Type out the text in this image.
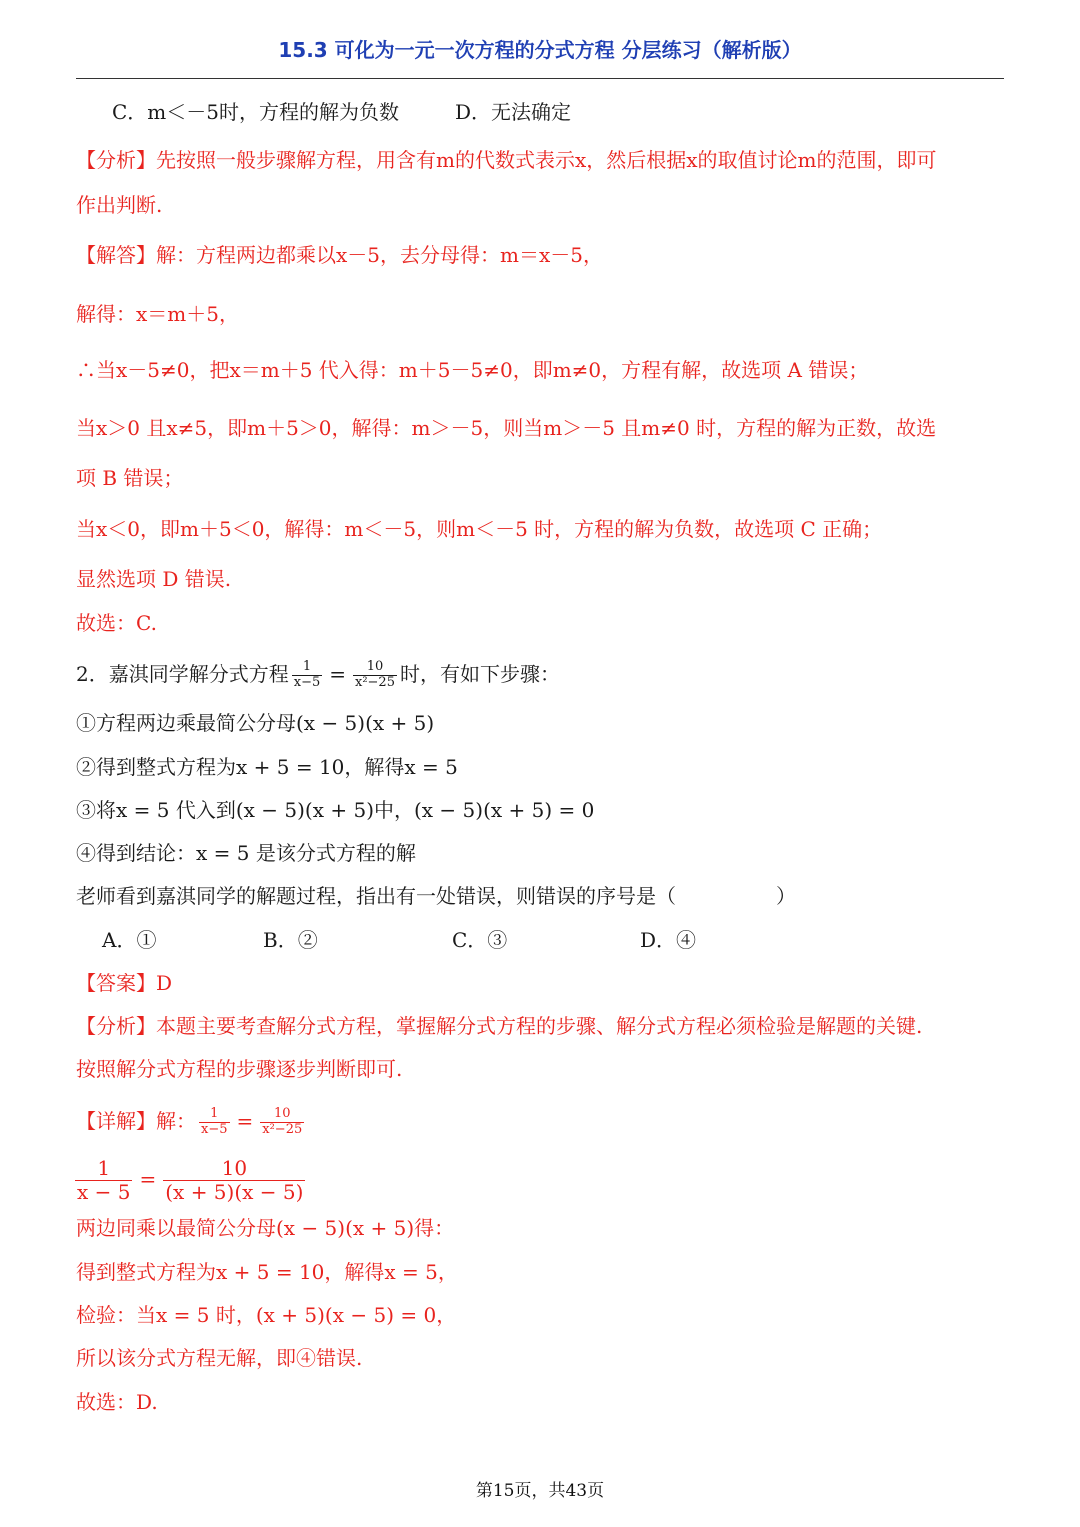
15.3 可化为一元一次方程的分式方程 分层练习（解析版）
C．m＜－5时，方程的解为负数	D．无法确定
【分析】先按照一般步骤解方程，用含有m的代数式表示x，然后根据x的取值讨论m的范围，即可
作出判断.
【解答】解：方程两边都乘以x－5，去分母得：m＝x－5，
解得：x＝m＋5，
∴当x－5≠0，把x＝m＋5 代入得：m＋5－5≠0，即m≠0，方程有解，故选项 A 错误；
当x＞0 且x≠5，即m＋5＞0，解得：m＞－5，则当m＞－5 且m≠0 时，方程的解为正数，故选
项 B 错误；
当x＜0，即m＋5＜0，解得：m＜－5，则m＜－5 时，方程的解为负数，故选项 C 正确；
显然选项 D 错误.
故选：C.
2．嘉淇同学解分式方程 $\frac{1}{x-5} = \frac{10}{\text{x²−25}}$ 时，有如下步骤：
①方程两边乘最简公分母(x − 5)(x + 5)
②得到整式方程为x + 5 = 10，解得x = 5
③将x = 5 代入到(x − 5)(x + 5)中，(x − 5)(x + 5) = 0
④得到结论：x = 5 是该分式方程的解
老师看到嘉淇同学的解题过程，指出有一处错误，则错误的序号是（　　　　　）
A．①	B．②	C．③	D．④
【答案】D
【分析】本题主要考查解分式方程，掌握解分式方程的步骤、解分式方程必须检验是解题的关键.
按照解分式方程的步骤逐步判断即可.
【详解】解： $\frac{1}{x-5} = \frac{10}{\text{x²−25}}$
$\frac{1}{x - 5} = \frac{10}{(x + 5)(x - 5)}$
两边同乘以最简公分母(x − 5)(x + 5)得：
得到整式方程为x + 5 = 10，解得x = 5，
检验：当x = 5 时，(x + 5)(x − 5) = 0，
所以该分式方程无解，即④错误.
故选：D.
第15页，共43页
